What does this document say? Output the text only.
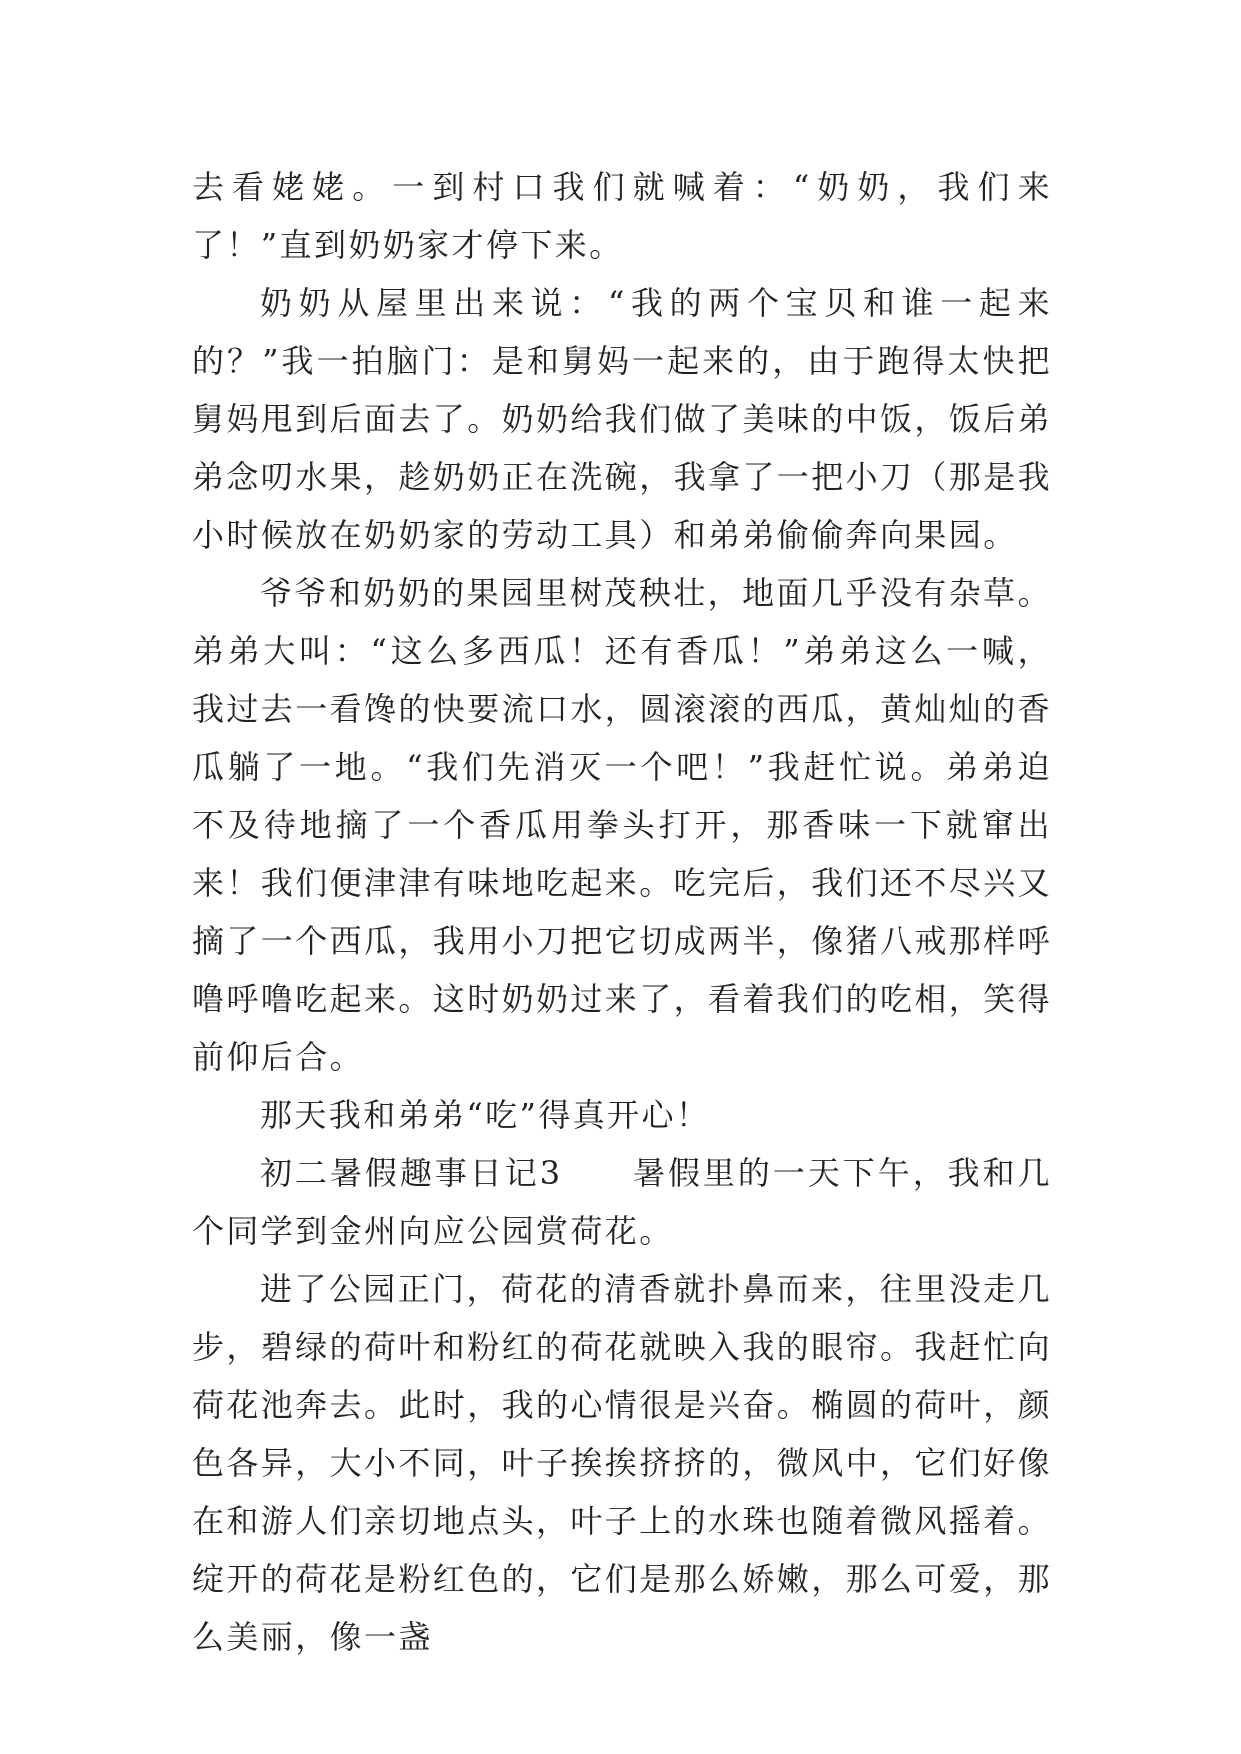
去看姥姥。一到村口我们就喊着：“奶奶，我们来了！”直到奶奶家才停下来。

奶奶从屋里出来说：“我的两个宝贝和谁一起来的？”我一拍脑门：是和舅妈一起来的，由于跑得太快把舅妈甩到后面去了。奶奶给我们做了美味的中饭，饭后弟弟念叨水果，趁奶奶正在洗碗，我拿了一把小刀（那是我小时候放在奶奶家的劳动工具）和弟弟偷偷奔向果园。

爷爷和奶奶的果园里树茂秧壮，地面几乎没有杂草。弟弟大叫：“这么多西瓜！还有香瓜！”弟弟这么一喊，我过去一看馋的快要流口水，圆滚滚的西瓜，黄灿灿的香瓜躺了一地。“我们先消灭一个吧！”我赶忙说。弟弟迫不及待地摘了一个香瓜用拳头打开，那香味一下就窜出来！我们便津津有味地吃起来。吃完后，我们还不尽兴又摘了一个西瓜，我用小刀把它切成两半，像猪八戒那样呼噜呼噜吃起来。这时奶奶过来了，看着我们的吃相，笑得前仰后合。

那天我和弟弟“吃”得真开心！

初二暑假趣事日记3　　暑假里的一天下午，我和几个同学到金州向应公园赏荷花。

进了公园正门，荷花的清香就扑鼻而来，往里没走几步，碧绿的荷叶和粉红的荷花就映入我的眼帘。我赶忙向荷花池奔去。此时，我的心情很是兴奋。椭圆的荷叶，颜色各异，大小不同，叶子挨挨挤挤的，微风中，它们好像在和游人们亲切地点头，叶子上的水珠也随着微风摇着。绽开的荷花是粉红色的，它们是那么娇嫩，那么可爱，那么美丽，像一盏
